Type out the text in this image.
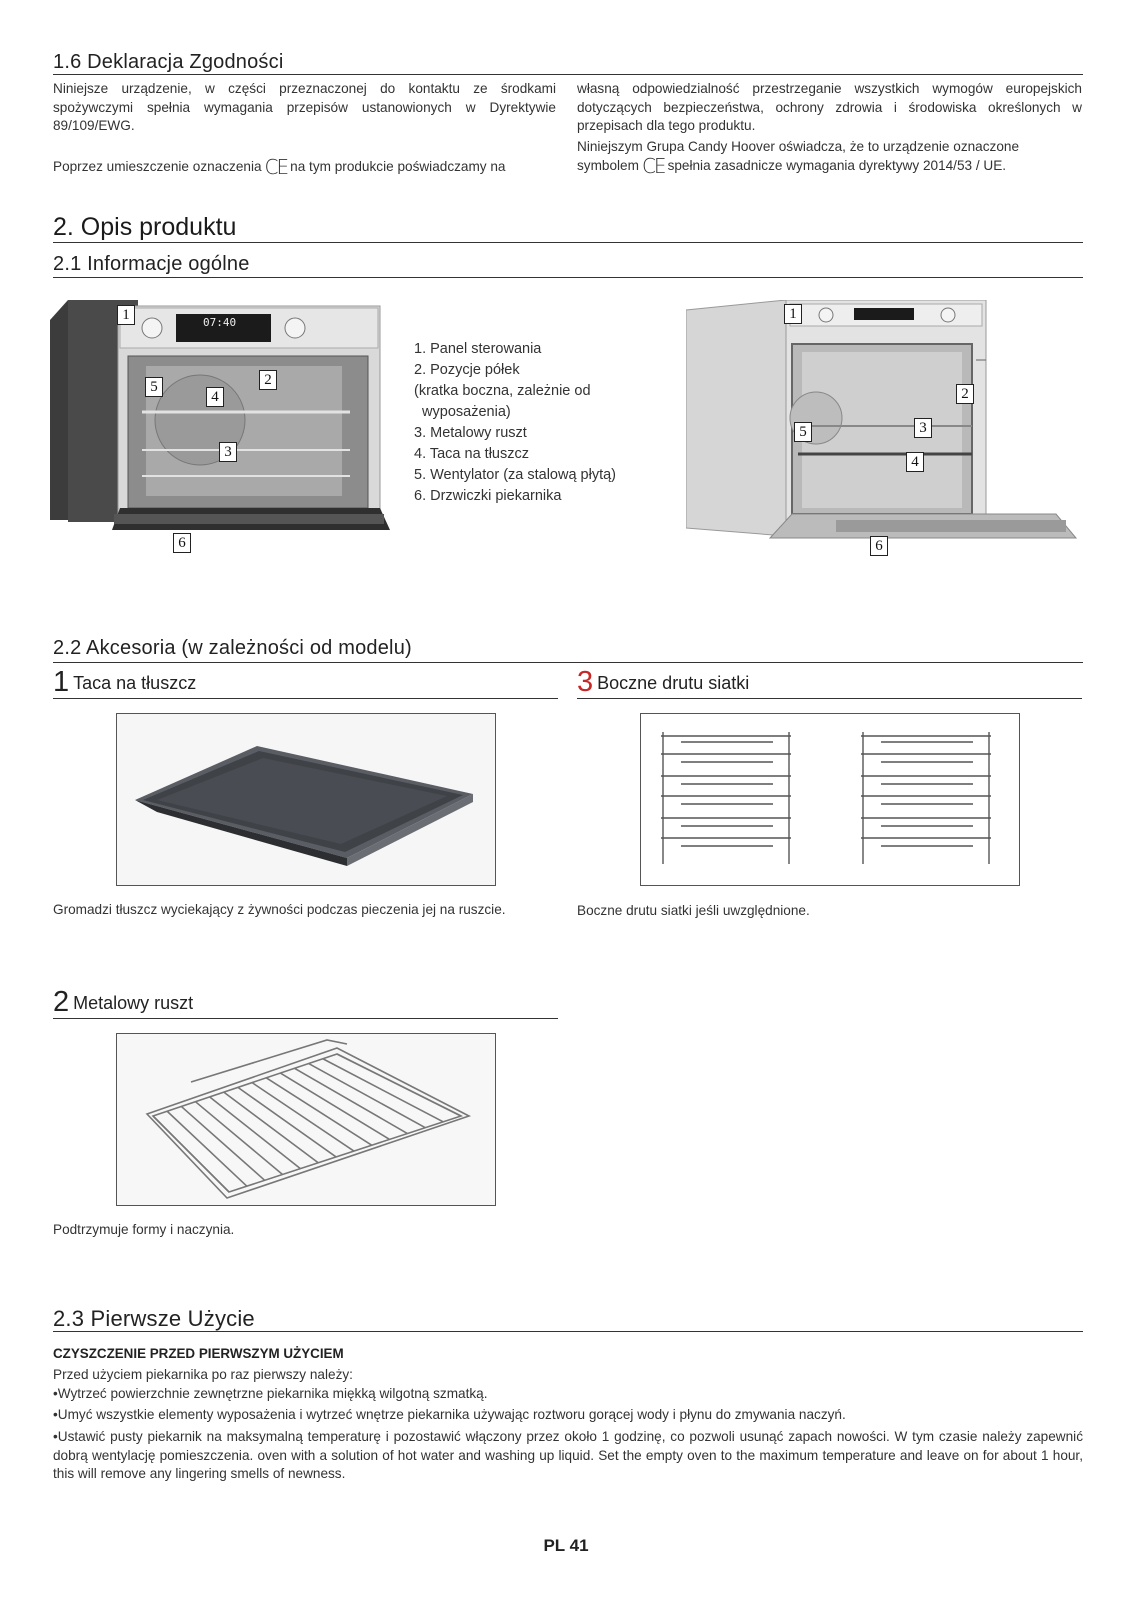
1.6 Deklaracja Zgodności
Niniejsze urządzenie, w części przeznaczonej do kontaktu ze środkami spożywczymi spełnia wymagania przepisów ustanowionych w Dyrektywie 89/109/EWG.
Poprzez umieszczenie oznaczenia CE na tym produkcie poświadczamy na
własną odpowiedzialność przestrzeganie wszystkich wymogów europejskich dotyczących bezpieczeństwa, ochrony zdrowia i środowiska określonych w przepisach dla tego produktu.
Niniejszym Grupa Candy Hoover oświadcza, że to urządzenie oznaczone
symbolem CE spełnia zasadnicze wymagania dyrektywy 2014/53 / UE.
2. Opis produktu
2.1 Informacje ogólne
07:40
1
2
3
4
5
6
1. Panel sterowania
2. Pozycje półek
(kratka boczna, zależnie od
wyposażenia)
3. Metalowy ruszt
4. Taca na tłuszcz
5. Wentylator (za stalową płytą)
6. Drzwiczki piekarnika
1
2
3
4
5
6
2.2 Akcesoria (w zależności od modelu)
1 Taca na tłuszcz
Gromadzi tłuszcz wyciekający z żywności podczas pieczenia jej na ruszcie.
3 Boczne drutu siatki
Boczne drutu siatki jeśli uwzględnione.
2 Metalowy ruszt
Podtrzymuje formy i naczynia.
2.3 Pierwsze Użycie
CZYSZCZENIE PRZED PIERWSZYM UŻYCIEM
Przed użyciem piekarnika po raz pierwszy należy:
•Wytrzeć powierzchnie zewnętrzne piekarnika miękką wilgotną szmatką.
•Umyć wszystkie elementy wyposażenia i wytrzeć wnętrze piekarnika używając roztworu gorącej wody i płynu do zmywania naczyń.
•Ustawić pusty piekarnik na maksymalną temperaturę i pozostawić włączony przez około 1 godzinę, co pozwoli usunąć zapach nowości. W tym czasie należy zapewnić dobrą wentylację pomieszczenia. oven with a solution of hot water and washing up liquid. Set the empty oven to the maximum temperature and leave on for about 1 hour, this will remove any lingering smells of newness.
PL 41
